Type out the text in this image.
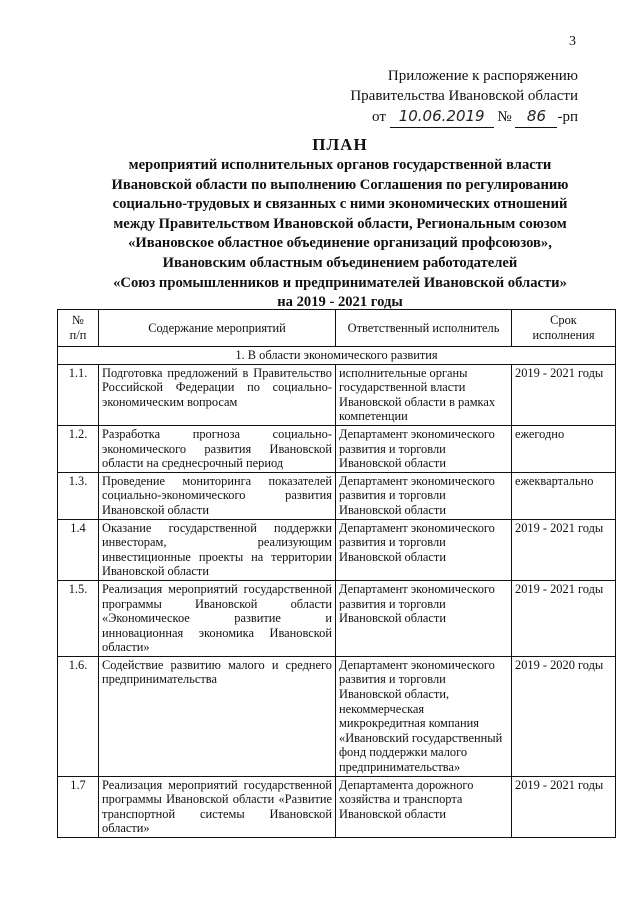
3
Приложение к распоряжению
Правительства Ивановской области
от 10.06.2019 № 86 -рп
ПЛАН
мероприятий исполнительных органов государственной власти
Ивановской области по выполнению Соглашения по регулированию
социально-трудовых и связанных с ними экономических отношений
между Правительством Ивановской области, Региональным союзом
«Ивановское областное объединение организаций профсоюзов»,
Ивановским областным объединением работодателей
«Союз промышленников и предпринимателей Ивановской области»
на 2019 - 2021 годы
№
п/п	Содержание мероприятий	Ответственный исполнитель	Срок
исполнения
1. В области экономического развития			
1.1.	Подготовка предложений в Правительство Российской Федерации по социально-экономическим вопросам	исполнительные органы государственной власти Ивановской области в рамках компетенции	2019 - 2021 годы
1.2.	Разработка прогноза социально-экономического развития Ивановской области на среднесрочный период	Департамент экономического развития и торговли Ивановской области	ежегодно
1.3.	Проведение мониторинга показателей социально-экономического развития Ивановской области	Департамент экономического развития и торговли Ивановской области	ежеквартально
1.4	Оказание государственной поддержки инвесторам, реализующим инвестиционные проекты на территории Ивановской области	Департамент экономического развития и торговли Ивановской области	2019 - 2021 годы
1.5.	Реализация мероприятий государственной программы Ивановской области «Экономическое развитие и инновационная экономика Ивановской области»	Департамент экономического развития и торговли Ивановской области	2019 - 2021 годы
1.6.	Содействие развитию малого и среднего предпринимательства	Департамент экономического развития и торговли Ивановской области, некоммерческая микрокредитная компания «Ивановский государственный фонд поддержки малого предпринимательства»	2019 - 2020 годы
1.7	Реализация мероприятий государственной программы Ивановской области «Развитие транспортной системы Ивановской области»	Департамента дорожного хозяйства и транспорта Ивановской области	2019 - 2021 годы
